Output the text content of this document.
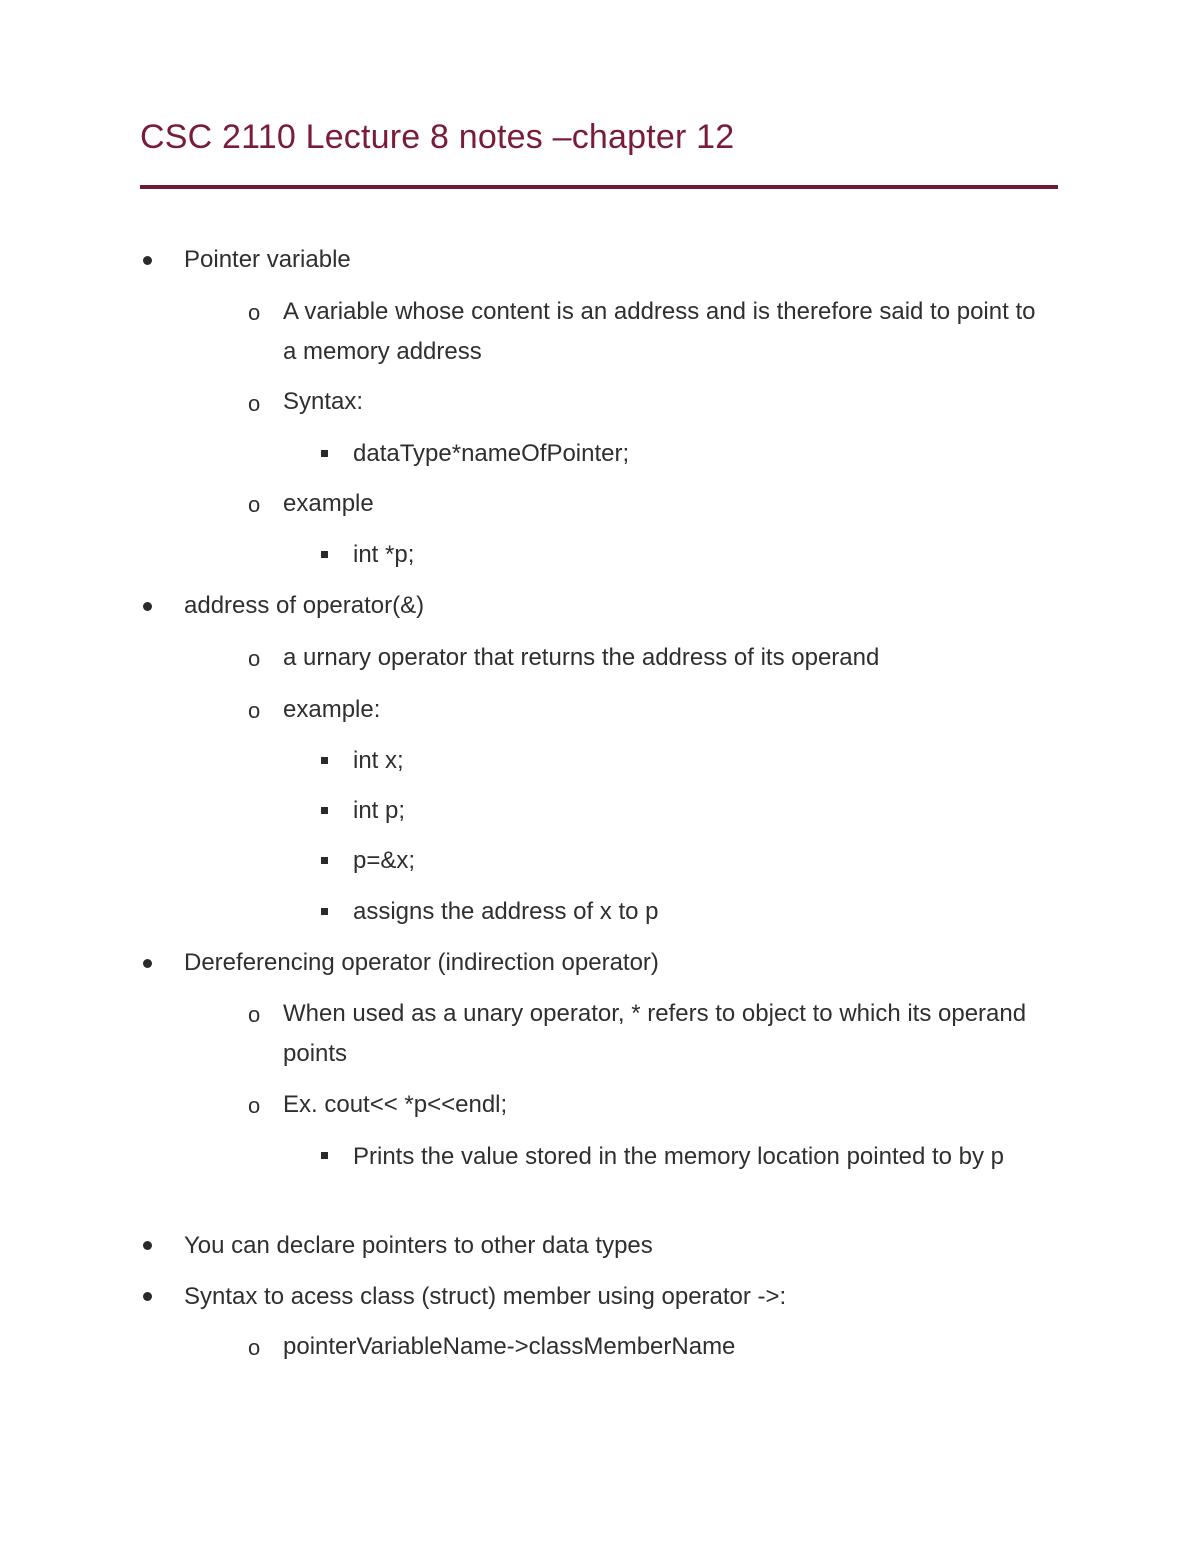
CSC 2110 Lecture 8 notes –chapter 12
Pointer variable
o A variable whose content is an address and is therefore said to point to a memory address
o Syntax:
dataType*nameOfPointer;
o example
int *p;
address of operator(&)
o a urnary operator that returns the address of its operand
o example:
int x;
int p;
p=&x;
assigns the address of x to p
Dereferencing operator (indirection operator)
o When used as a unary operator, * refers to object to which its operand points
o Ex. cout<< *p<<endl;
Prints the value stored in the memory location pointed to by p
You can declare pointers to other data types
Syntax to acess class (struct) member using operator ->:
o pointerVariableName->classMemberName
